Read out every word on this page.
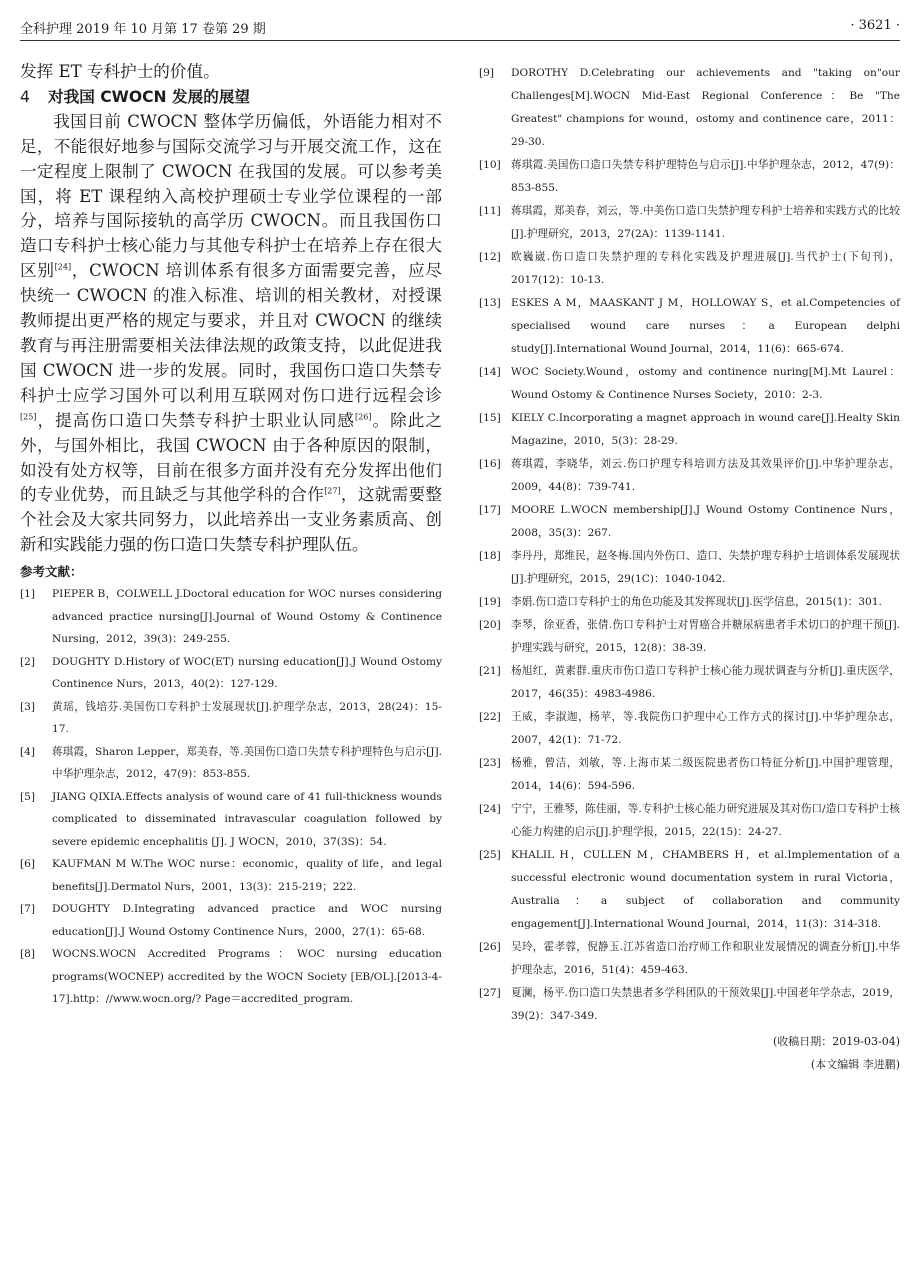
全科护理 2019 年 10 月第 17 卷第 29 期	· 3621 ·

发挥 ET 专科护士的价值。

4 对我国 CWOCN 发展的展望

我国目前 CWOCN 整体学历偏低，外语能力相对不足，不能很好地参与国际交流学习与开展交流工作，这在一定程度上限制了 CWOCN 在我国的发展。可以参考美国，将 ET 课程纳入高校护理硕士专业学位课程的一部分，培养与国际接轨的高学历 CWOCN。而且我国伤口造口专科护士核心能力与其他专科护士在培养上存在很大区别[24]，CWOCN 培训体系有很多方面需要完善，应尽快统一 CWOCN 的准入标准、培训的相关教材，对授课教师提出更严格的规定与要求，并且对 CWOCN 的继续教育与再注册需要相关法律法规的政策支持，以此促进我国 CWOCN 进一步的发展。同时，我国伤口造口失禁专科护士应学习国外可以利用互联网对伤口进行远程会诊[25]，提高伤口造口失禁专科护士职业认同感[26]。除此之外，与国外相比，我国 CWOCN 由于各种原因的限制，如没有处方权等，目前在很多方面并没有充分发挥出他们的专业优势，而且缺乏与其他学科的合作[27]，这就需要整个社会及大家共同努力，以此培养出一支业务素质高、创新和实践能力强的伤口造口失禁专科护理队伍。

参考文献：
[1] PIEPER B，COLWELL J.Doctoral education for WOC nurses considering advanced practice nursing[J].Journal of Wound Ostomy & Continence Nursing，2012，39(3)：249-255.
[2] DOUGHTY D.History of WOC(ET) nursing education[J].J Wound Ostomy Continence Nurs，2013，40(2)：127-129.
[3] 黄瑶，钱培芬.美国伤口专科护士发展现状[J].护理学杂志，2013，28(24)：15-17.
[4] 蒋琪霞，Sharon Lepper，郑美春，等.美国伤口造口失禁专科护理特色与启示[J].中华护理杂志，2012，47(9)：853-855.
[5] JIANG QIXIA.Effects analysis of wound care of 41 full-thickness wounds complicated to disseminated intravascular coagulation followed by severe epidemic encephalitis [J]. J WOCN，2010，37(3S)：54.
[6] KAUFMAN M W.The WOC nurse：economic，quality of life，and legal benefits[J].Dermatol Nurs，2001，13(3)：215-219；222.
[7] DOUGHTY D.Integrating advanced practice and WOC nursing education[J].J Wound Ostomy Continence Nurs，2000，27(1)：65-68.
[8] WOCNS.WOCN Accredited Programs：WOC nursing education programs(WOCNEP) accredited by the WOCN Society [EB/OL].[2013-4-17].http：//www.wocn.org/? Page＝accredited_program.
[9] DOROTHY D.Celebrating our achievements and "taking on"our Challenges[M].WOCN Mid-East Regional Conference：Be "The Greatest" champions for wound，ostomy and continence care，2011：29-30.
[10] 蒋琪霞.美国伤口造口失禁专科护理特色与启示[J].中华护理杂志，2012，47(9)：853-855.
[11] 蒋琪霞，郑美春，刘云，等.中美伤口造口失禁护理专科护士培养和实践方式的比较[J].护理研究，2013，27(2A)：1139-1141.
[12] 欧巍崴.伤口造口失禁护理的专科化实践及护理进展[J].当代护士(下旬刊)，2017(12)：10-13.
[13] ESKES A M，MAASKANT J M，HOLLOWAY S，et al.Competencies of specialised wound care nurses：a European delphi study[J].International Wound Journal，2014，11(6)：665-674.
[14] WOC Society.Wound，ostomy and continence nuring[M].Mt Laurel：Wound Ostomy & Continence Nurses Society，2010：2-3.
[15] KIELY C.Incorporating a magnet approach in wound care[J].Healty Skin Magazine，2010，5(3)：28-29.
[16] 蒋琪霞，李晓华，刘云.伤口护理专科培训方法及其效果评价[J].中华护理杂志，2009，44(8)：739-741.
[17] MOORE L.WOCN membership[J].J Wound Ostomy Continence Nurs，2008，35(3)：267.
[18] 李丹丹，郑维民，赵冬梅.国内外伤口、造口、失禁护理专科护士培训体系发展现状[J].护理研究，2015，29(1C)：1040-1042.
[19] 李娟.伤口造口专科护士的角色功能及其发挥现状[J].医学信息，2015(1)：301.
[20] 李琴，徐亚香，张倩.伤口专科护士对胃癌合并糖尿病患者手术切口的护理干预[J].护理实践与研究，2015，12(8)：38-39.
[21] 杨旭红，黄素群.重庆市伤口造口专科护士核心能力现状调查与分析[J].重庆医学，2017，46(35)：4983-4986.
[22] 王威，李淑迦，杨苹，等.我院伤口护理中心工作方式的探讨[J].中华护理杂志，2007，42(1)：71-72.
[23] 杨雅，曾洁，刘敏，等.上海市某二级医院患者伤口特征分析[J].中国护理管理，2014，14(6)：594-596.
[24] 宁宁，王雅琴，陈佳丽，等.专科护士核心能力研究进展及其对伤口/造口专科护士核心能力构建的启示[J].护理学报，2015，22(15)：24-27.
[25] KHALIL H，CULLEN M，CHAMBERS H，et al.Implementation of a successful electronic wound documentation system in rural Victoria，Australia：a subject of collaboration and community engagement[J].International Wound Journal，2014，11(3)：314-318.
[26] 吴玲，霍孝蓉，倪静玉.江苏省造口治疗师工作和职业发展情况的调查分析[J].中华护理杂志，2016，51(4)：459-463.
[27] 夏澜，杨平.伤口造口失禁患者多学科团队的干预效果[J].中国老年学杂志，2019，39(2)：347-349.
(收稿日期：2019-03-04)
(本文编辑 李进鹏)
